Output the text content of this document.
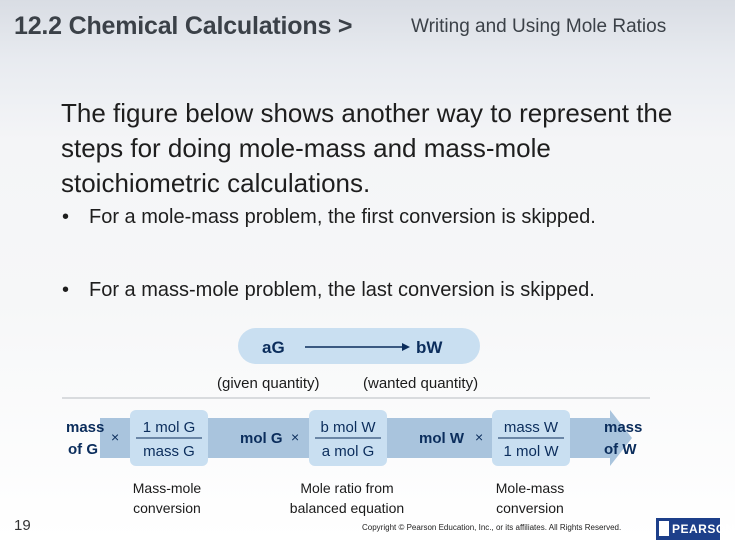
12.2 Chemical Calculations >	Writing and Using Mole Ratios
The figure below shows another way to represent the steps for doing mole-mass and mass-mole stoichiometric calculations.
• For a mole-mass problem, the first conversion is skipped.
• For a mass-mole problem, the last conversion is skipped.
aG	bW
(given quantity)	(wanted quantity)
mass
of G
×
1 mol G
mass G
mol G ×
b mol W
a mol G
mol W ×
mass W
1 mol W
mass
of W
Mass-mole
conversion
Mole ratio from
balanced equation
Mole-mass
conversion
19	Copyright © Pearson Education, Inc., or its affiliates. All Rights Reserved.	PEARSON
